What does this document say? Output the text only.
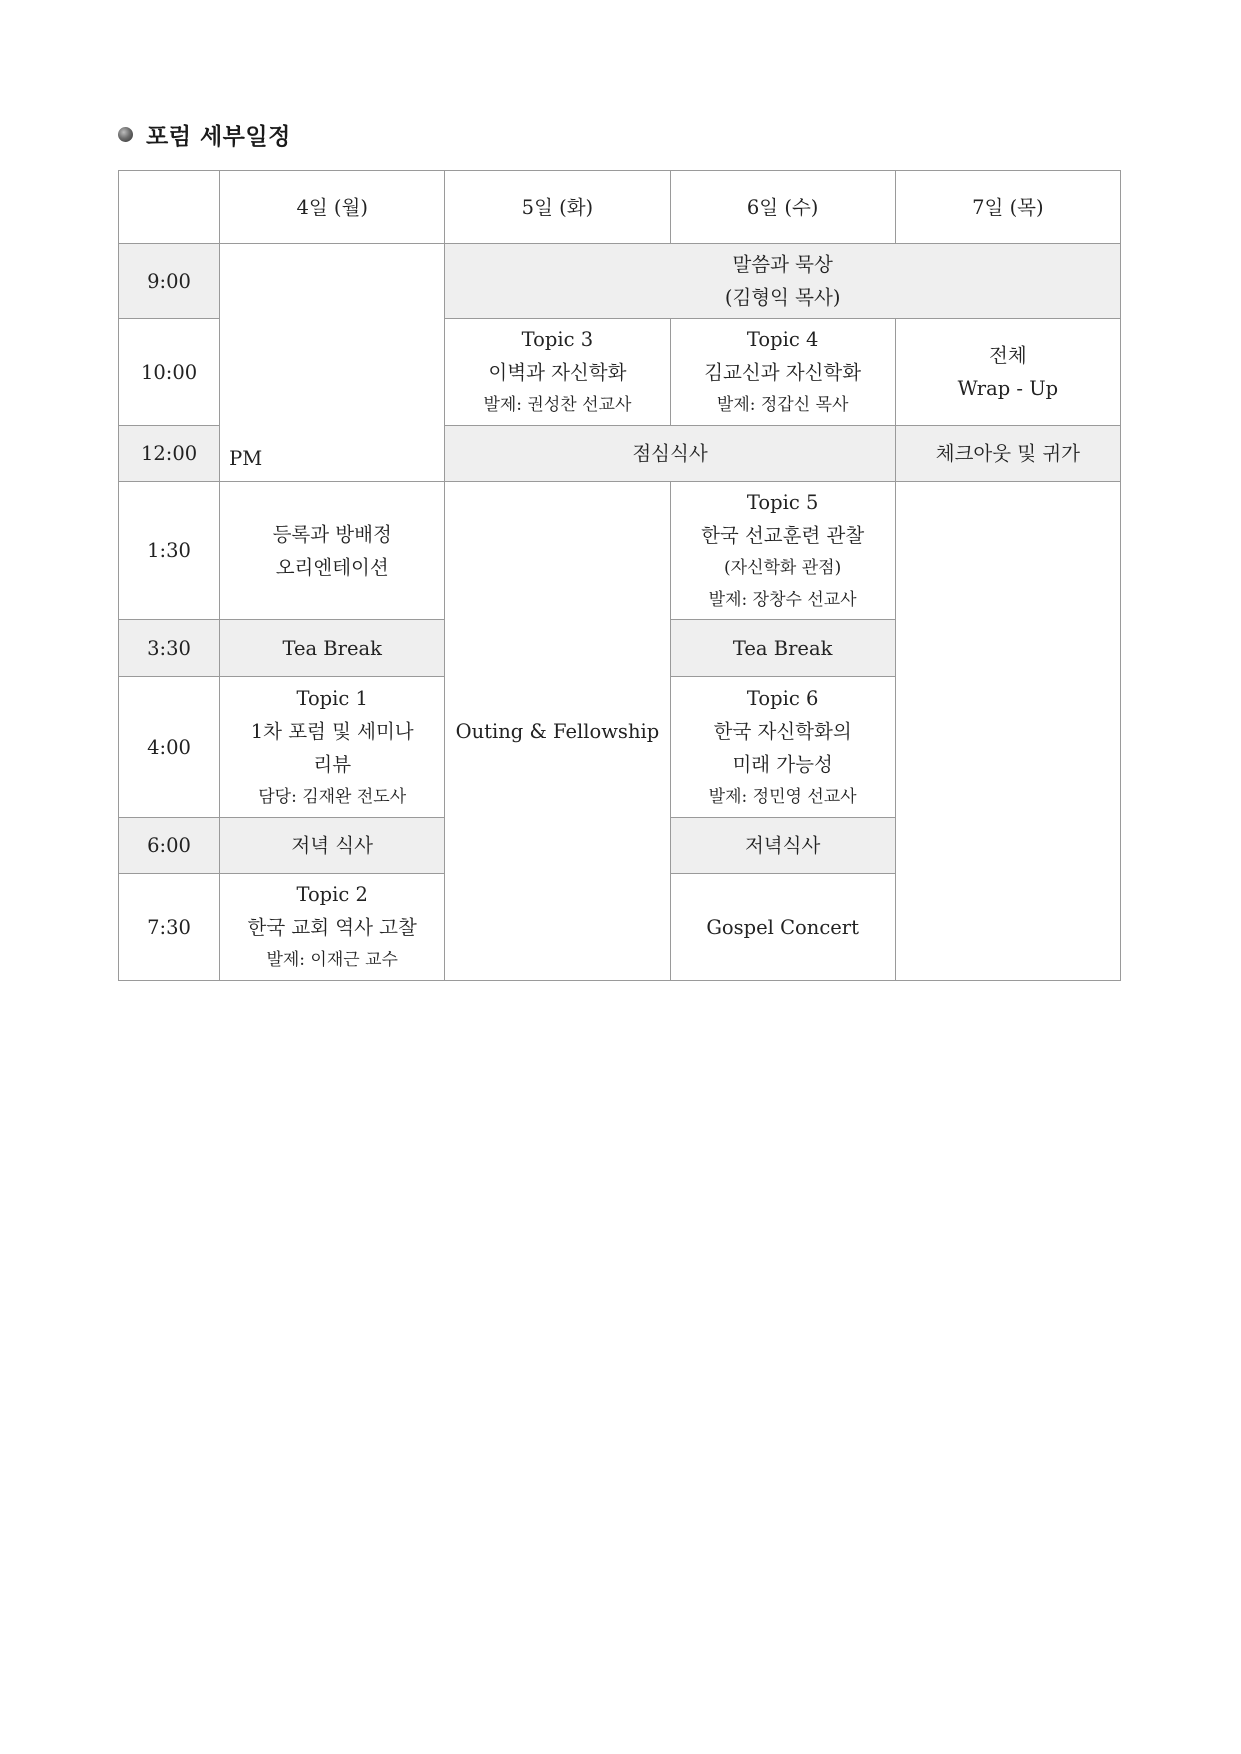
포럼 세부일정
	4일 (월)	5일 (화)	6일 (수)	7일 (목)
9:00	PM	말씀과 묵상
(김형익 목사)		

10:00		Topic 3
이벽과 자신학화
발제: 권성찬 선교사	Topic 4
김교신과 자신학화
발제: 정갑신 목사	전체
Wrap - Up

12:00		점심식사		체크아웃 및 귀가
1:30	등록과 방배정
오리엔테이션	Outing & Fellowship	Topic 5
한국 선교훈련 관찰
(자신학화 관점)
발제: 장창수 선교사	

3:30	Tea Break		Tea Break	
4:00	Topic 1
1차 포럼 및 세미나
리뷰
담당: 김재완 전도사		Topic 6
한국 자신학화의
미래 가능성
발제: 정민영 선교사	

6:00	저녁 식사		저녁식사	
7:30	Topic 2
한국 교회 역사 고찰
발제: 이재근 교수		Gospel Concert	
